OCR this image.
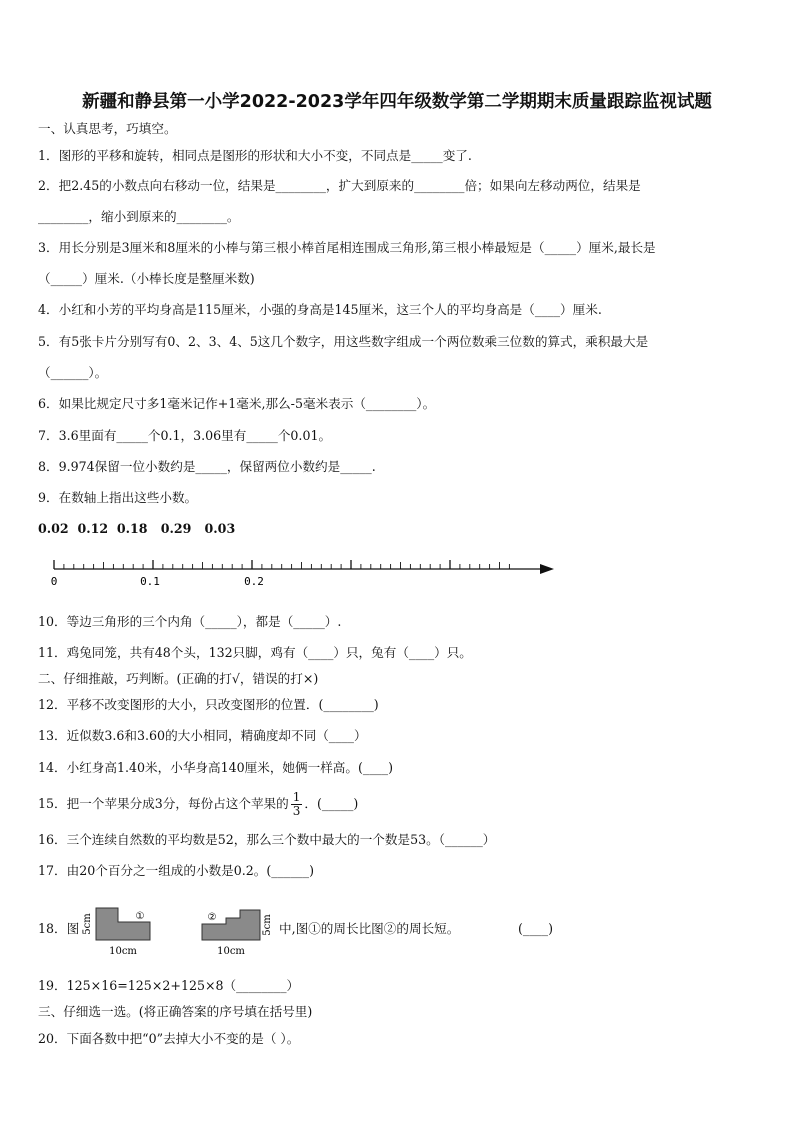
新疆和静县第一小学2022-2023学年四年级数学第二学期期末质量跟踪监视试题
一、认真思考，巧填空。
1．图形的平移和旋转，相同点是图形的形状和大小不变，不同点是_____变了.
2．把2.45的小数点向右移动一位，结果是________，扩大到原来的________倍；如果向左移动两位，结果是
________，缩小到原来的________。
3．用长分别是3厘米和8厘米的小棒与第三根小棒首尾相连围成三角形,第三根小棒最短是（_____）厘米,最长是
（_____）厘米.（小棒长度是整厘米数)
4．小红和小芳的平均身高是115厘米，小强的身高是145厘米，这三个人的平均身高是（____）厘米.
5．有5张卡片分别写有0、2、3、4、5这几个数字，用这些数字组成一个两位数乘三位数的算式，乘积最大是
（______）。
6．如果比规定尺寸多1毫米记作+1毫米,那么-5毫米表示（________）。
7．3.6里面有_____个0.1，3.06里有_____个0.01。
8．9.974保留一位小数约是_____，保留两位小数约是_____.
9．在数轴上指出这些小数。
0.02  0.12  0.18   0.29   0.03
0	0.1	0.2
10．等边三角形的三个内角（_____），都是（_____）.
11．鸡兔同笼，共有48个头，132只脚，鸡有（____）只，兔有（____）只。
二、仔细推敲，巧判断。(正确的打√，错误的打×)
12．平移不改变图形的大小，只改变图形的位置．(________)
13．近似数3.6和3.60的大小相同，精确度却不同（____）
14．小红身高1.40米，小华身高140厘米，她俩一样高。(____)
15．把一个苹果分成3分，每份占这个苹果的 $\frac{1}{3}$ ．(_____)
16．三个连续自然数的平均数是52，那么三个数中最大的一个数是53。（______）
17．由20个百分之一组成的小数是0.2。(______)
18．图
①
5cm
10cm
②	5cm
10cm
中,图①的周长比图②的周长短。	(____)
19．125×16=125×2+125×8（________）
三、仔细选一选。(将正确答案的序号填在括号里)
20．下面各数中把“0”去掉大小不变的是（ ）。
